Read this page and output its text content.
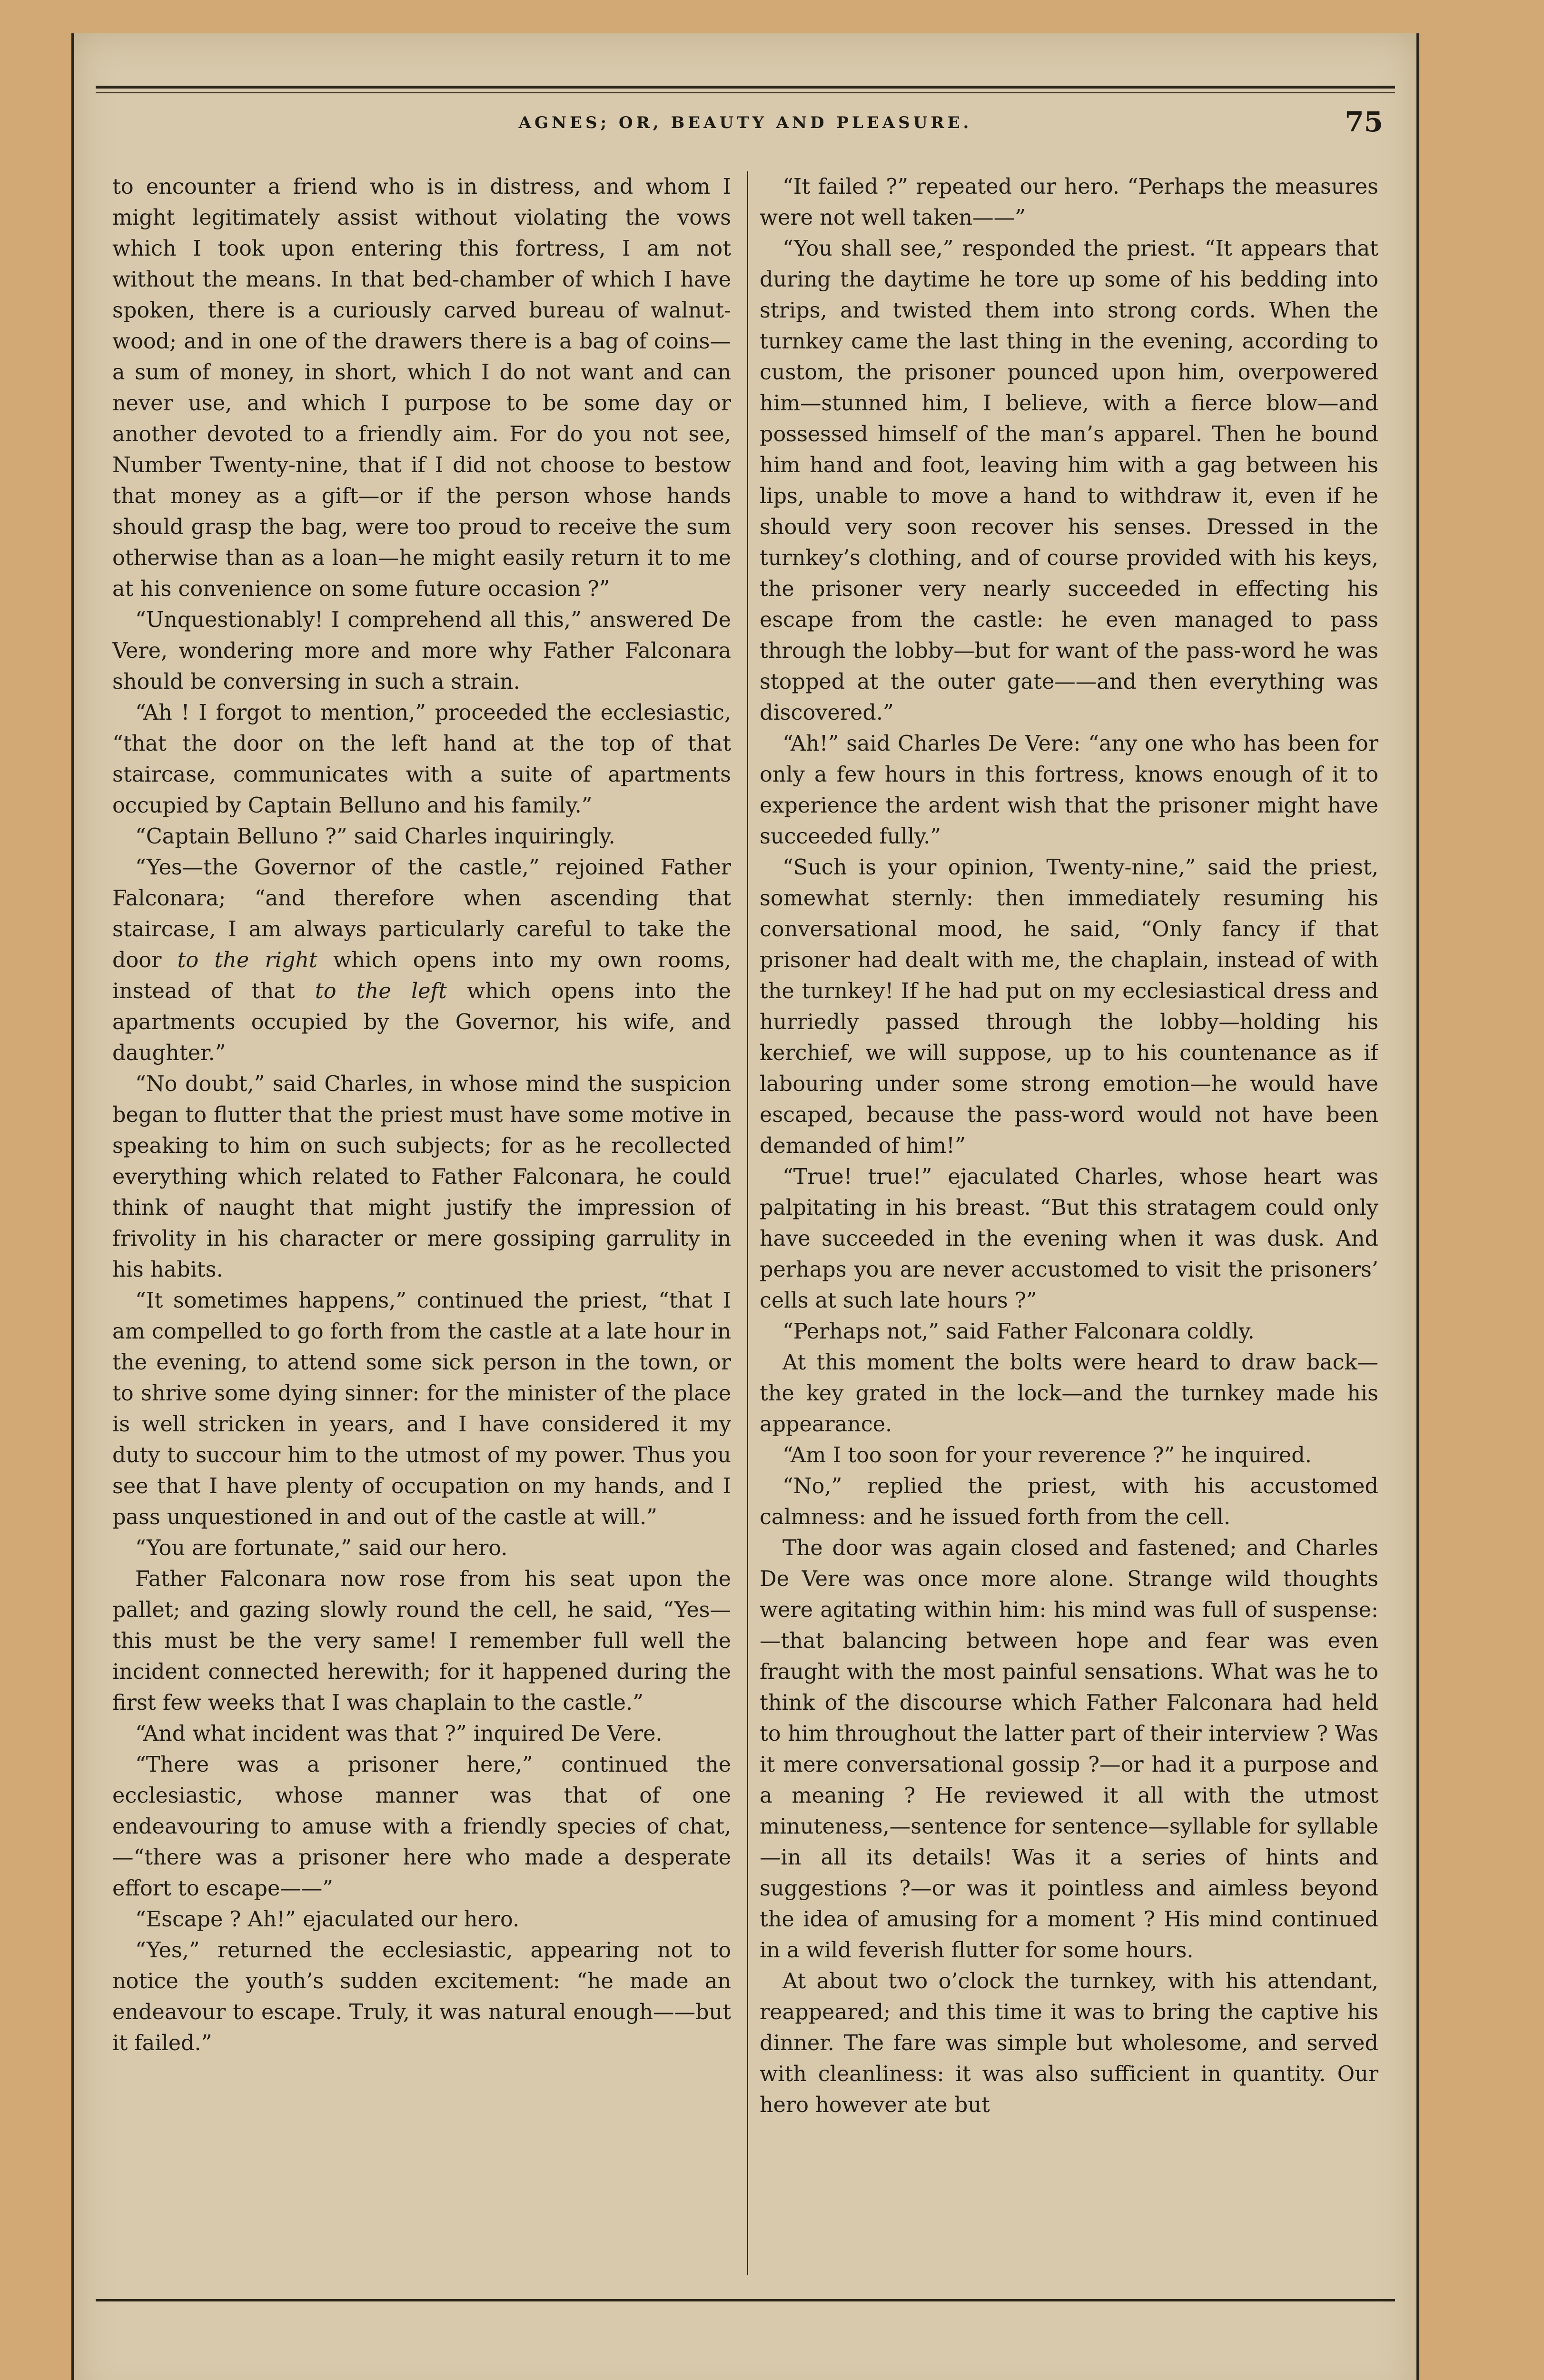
AGNES; OR, BEAUTY AND PLEASURE.	75

to encounter a friend who is in distress, and whom I might legitimately assist without violating the vows which I took upon entering this fortress, I am not without the means. In that bed-chamber of which I have spoken, there is a curiously carved bureau of walnut-wood; and in one of the drawers there is a bag of coins—a sum of money, in short, which I do not want and can never use, and which I purpose to be some day or another devoted to a friendly aim. For do you not see, Number Twenty-nine, that if I did not choose to bestow that money as a gift—or if the person whose hands should grasp the bag, were too proud to receive the sum otherwise than as a loan—he might easily return it to me at his convenience on some future occasion ?”

“Unquestionably! I comprehend all this,” answered De Vere, wondering more and more why Father Falconara should be conversing in such a strain.

“Ah ! I forgot to mention,” proceeded the ecclesiastic, “that the door on the left hand at the top of that staircase, communicates with a suite of apartments occupied by Captain Belluno and his family.”

“Captain Belluno ?” said Charles inquiringly.

“Yes—the Governor of the castle,” rejoined Father Falconara; “and therefore when ascending that staircase, I am always particularly careful to take the door to the right which opens into my own rooms, instead of that to the left which opens into the apartments occupied by the Governor, his wife, and daughter.”

“No doubt,” said Charles, in whose mind the suspicion began to flutter that the priest must have some motive in speaking to him on such subjects; for as he recollected everything which related to Father Falconara, he could think of naught that might justify the impression of frivolity in his character or mere gossiping garrulity in his habits.

“It sometimes happens,” continued the priest, “that I am compelled to go forth from the castle at a late hour in the evening, to attend some sick person in the town, or to shrive some dying sinner: for the minister of the place is well stricken in years, and I have considered it my duty to succour him to the utmost of my power. Thus you see that I have plenty of occupation on my hands, and I pass unquestioned in and out of the castle at will.”

“You are fortunate,” said our hero.

Father Falconara now rose from his seat upon the pallet; and gazing slowly round the cell, he said, “Yes—this must be the very same! I remember full well the incident connected herewith; for it happened during the first few weeks that I was chaplain to the castle.”

“And what incident was that ?” inquired De Vere.

“There was a prisoner here,” continued the ecclesiastic, whose manner was that of one endeavouring to amuse with a friendly species of chat,—“there was a prisoner here who made a desperate effort to escape——”

“Escape ? Ah!” ejaculated our hero.

“Yes,” returned the ecclesiastic, appearing not to notice the youth’s sudden excitement: “he made an endeavour to escape. Truly, it was natural enough——but it failed.”

“It failed ?” repeated our hero. “Perhaps the measures were not well taken——”

“You shall see,” responded the priest. “It appears that during the daytime he tore up some of his bedding into strips, and twisted them into strong cords. When the turnkey came the last thing in the evening, according to custom, the prisoner pounced upon him, overpowered him—stunned him, I believe, with a fierce blow—and possessed himself of the man’s apparel. Then he bound him hand and foot, leaving him with a gag between his lips, unable to move a hand to withdraw it, even if he should very soon recover his senses. Dressed in the turnkey’s clothing, and of course provided with his keys, the prisoner very nearly succeeded in effecting his escape from the castle: he even managed to pass through the lobby—but for want of the pass-word he was stopped at the outer gate——and then everything was discovered.”

“Ah!” said Charles De Vere: “any one who has been for only a few hours in this fortress, knows enough of it to experience the ardent wish that the prisoner might have succeeded fully.”

“Such is your opinion, Twenty-nine,” said the priest, somewhat sternly: then immediately resuming his conversational mood, he said, “Only fancy if that prisoner had dealt with me, the chaplain, instead of with the turnkey! If he had put on my ecclesiastical dress and hurriedly passed through the lobby—holding his kerchief, we will suppose, up to his countenance as if labouring under some strong emotion—he would have escaped, because the pass-word would not have been demanded of him!”

“True! true!” ejaculated Charles, whose heart was palpitating in his breast. “But this stratagem could only have succeeded in the evening when it was dusk. And perhaps you are never accustomed to visit the prisoners’ cells at such late hours ?”

“Perhaps not,” said Father Falconara coldly.

At this moment the bolts were heard to draw back—the key grated in the lock—and the turnkey made his appearance.

“Am I too soon for your reverence ?” he inquired.

“No,” replied the priest, with his accustomed calmness: and he issued forth from the cell.

The door was again closed and fastened; and Charles De Vere was once more alone. Strange wild thoughts were agitating within him: his mind was full of suspense:—that balancing between hope and fear was even fraught with the most painful sensations. What was he to think of the discourse which Father Falconara had held to him throughout the latter part of their interview ? Was it mere conversational gossip ?—or had it a purpose and a meaning ? He reviewed it all with the utmost minuteness,—sentence for sentence—syllable for syllable—in all its details! Was it a series of hints and suggestions ?—or was it pointless and aimless beyond the idea of amusing for a moment ? His mind continued in a wild feverish flutter for some hours.

At about two o’clock the turnkey, with his attendant, reappeared; and this time it was to bring the captive his dinner. The fare was simple but wholesome, and served with cleanliness: it was also sufficient in quantity. Our hero however ate but
